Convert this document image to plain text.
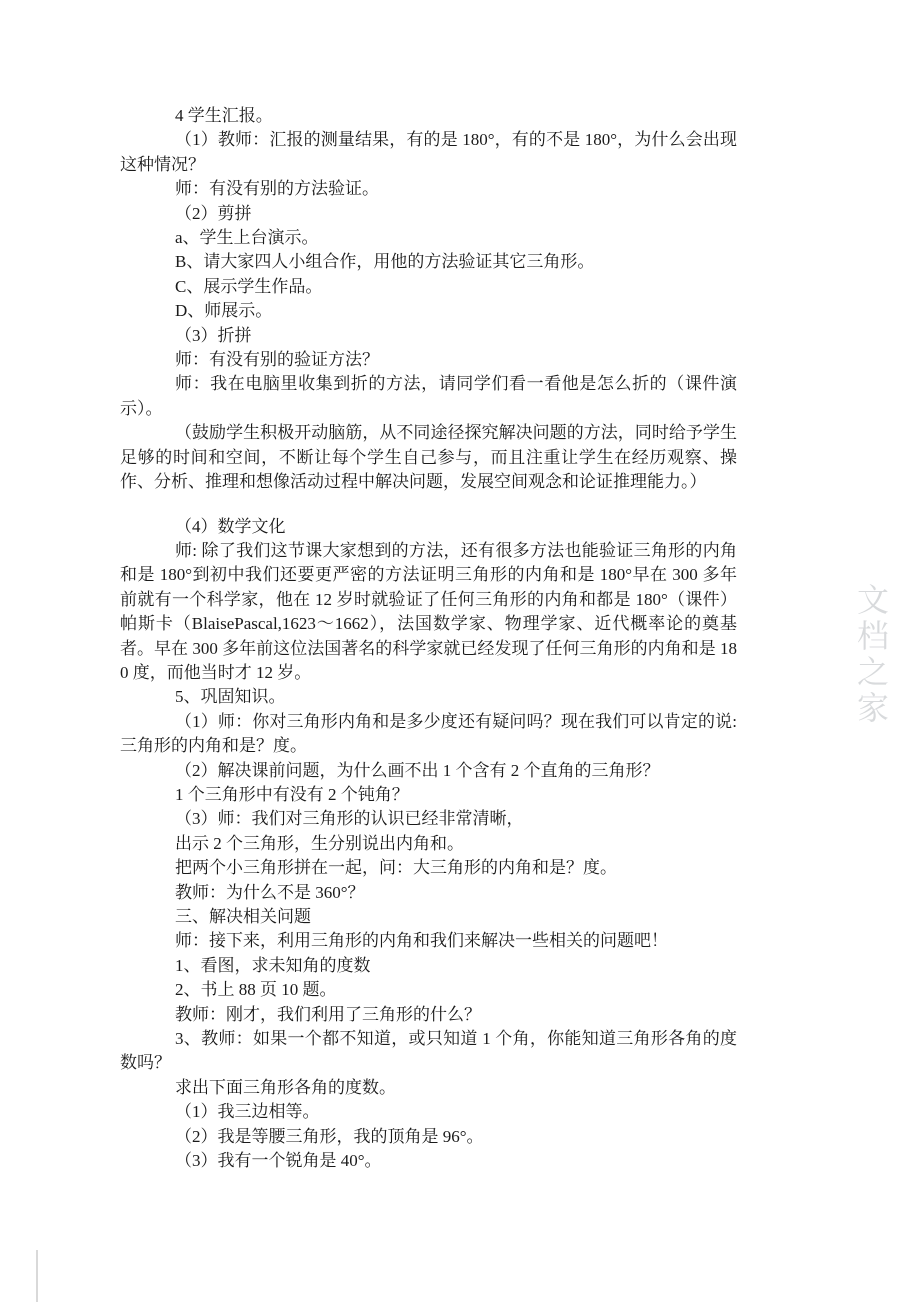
4 学生汇报。

（1）教师：汇报的测量结果，有的是 180°，有的不是 180°，为什么会出现这种情况？

师：有没有别的方法验证。

（2）剪拼

a、学生上台演示。

B、请大家四人小组合作，用他的方法验证其它三角形。

C、展示学生作品。

D、师展示。

（3）折拼

师：有没有别的验证方法？

师：我在电脑里收集到折的方法，请同学们看一看他是怎么折的（课件演示）。

（鼓励学生积极开动脑筋，从不同途径探究解决问题的方法，同时给予学生足够的时间和空间，不断让每个学生自己参与，而且注重让学生在经历观察、操作、分析、推理和想像活动过程中解决问题，发展空间观念和论证推理能力。）

（4）数学文化

师: 除了我们这节课大家想到的方法，还有很多方法也能验证三角形的内角和是 180°到初中我们还要更严密的方法证明三角形的内角和是 180°早在 300 多年前就有一个科学家，他在 12 岁时就验证了任何三角形的内角和都是 180°（课件）帕斯卡（BlaisePascal,1623～1662），法国数学家、物理学家、近代概率论的奠基者。早在 300 多年前这位法国著名的科学家就已经发现了任何三角形的内角和是 180 度，而他当时才 12 岁。

5、巩固知识。

（1）师：你对三角形内角和是多少度还有疑问吗？现在我们可以肯定的说:三角形的内角和是？度。

（2）解决课前问题，为什么画不出 1 个含有 2 个直角的三角形？

1 个三角形中有没有 2 个钝角？

（3）师：我们对三角形的认识已经非常清晰，

出示 2 个三角形，生分别说出内角和。

把两个小三角形拼在一起，问：大三角形的内角和是？度。

教师：为什么不是 360°？

三、解决相关问题

师：接下来，利用三角形的内角和我们来解决一些相关的问题吧！

1、看图，求未知角的度数

2、书上 88 页 10 题。

教师：刚才，我们利用了三角形的什么？

3、教师：如果一个都不知道，或只知道 1 个角，你能知道三角形各角的度数吗？

求出下面三角形各角的度数。

（1）我三边相等。

（2）我是等腰三角形，我的顶角是 96°。

（3）我有一个锐角是 40°。

文档之家
